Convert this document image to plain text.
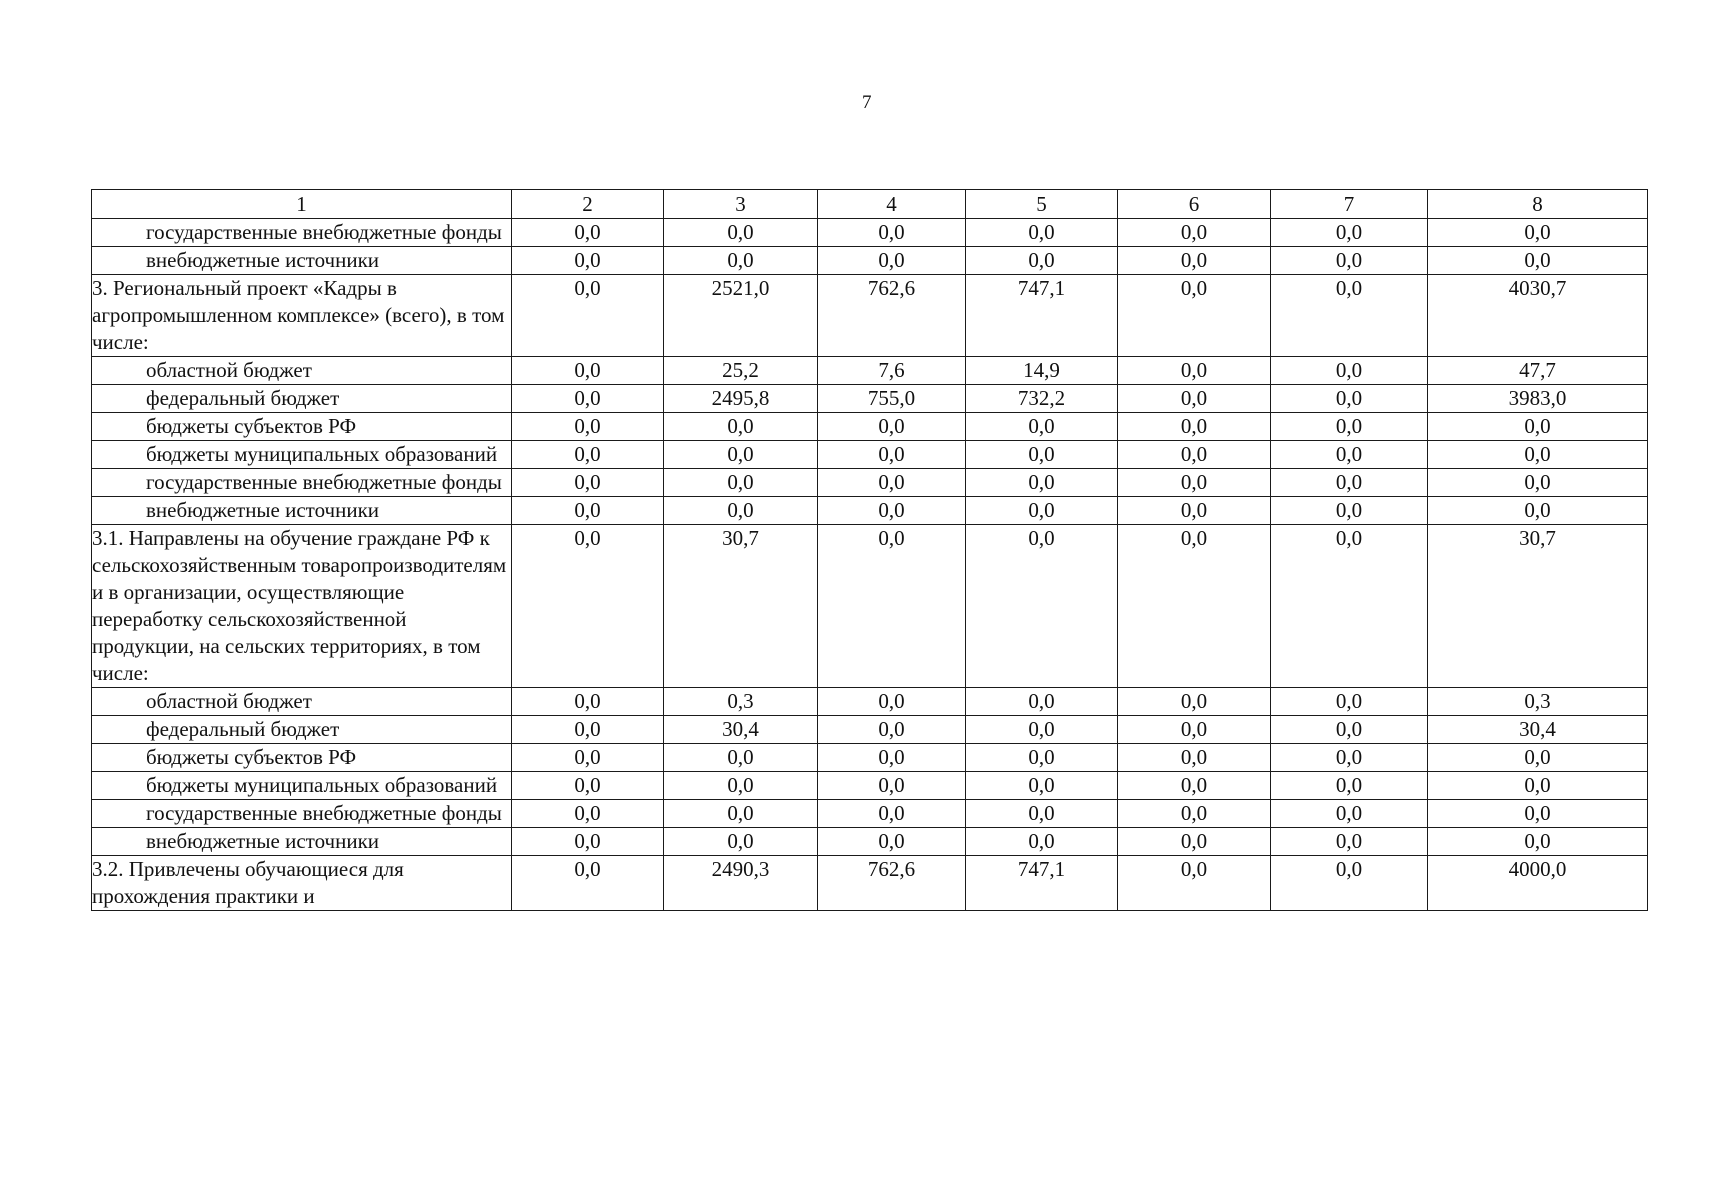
7
1	2	3	4	5	6	7	8
государственные внебюджетные фонды	0,0	0,0	0,0	0,0	0,0	0,0	0,0
внебюджетные источники	0,0	0,0	0,0	0,0	0,0	0,0	0,0
3. Региональный проект «Кадры в агропромышленном комплексе» (всего), в том числе:	0,0	2521,0	762,6	747,1	0,0	0,0	4030,7
областной бюджет	0,0	25,2	7,6	14,9	0,0	0,0	47,7
федеральный бюджет	0,0	2495,8	755,0	732,2	0,0	0,0	3983,0
бюджеты субъектов РФ	0,0	0,0	0,0	0,0	0,0	0,0	0,0
бюджеты муниципальных образований	0,0	0,0	0,0	0,0	0,0	0,0	0,0
государственные внебюджетные фонды	0,0	0,0	0,0	0,0	0,0	0,0	0,0
внебюджетные источники	0,0	0,0	0,0	0,0	0,0	0,0	0,0
3.1. Направлены на обучение граждане РФ к сельскохозяйственным товаропроизводителям и в организации, осуществляющие переработку сельскохозяйственной продукции, на сельских территориях, в том числе:	0,0	30,7	0,0	0,0	0,0	0,0	30,7
областной бюджет	0,0	0,3	0,0	0,0	0,0	0,0	0,3
федеральный бюджет	0,0	30,4	0,0	0,0	0,0	0,0	30,4
бюджеты субъектов РФ	0,0	0,0	0,0	0,0	0,0	0,0	0,0
бюджеты муниципальных образований	0,0	0,0	0,0	0,0	0,0	0,0	0,0
государственные внебюджетные фонды	0,0	0,0	0,0	0,0	0,0	0,0	0,0
внебюджетные источники	0,0	0,0	0,0	0,0	0,0	0,0	0,0
3.2. Привлечены обучающиеся для прохождения практики и	0,0	2490,3	762,6	747,1	0,0	0,0	4000,0
